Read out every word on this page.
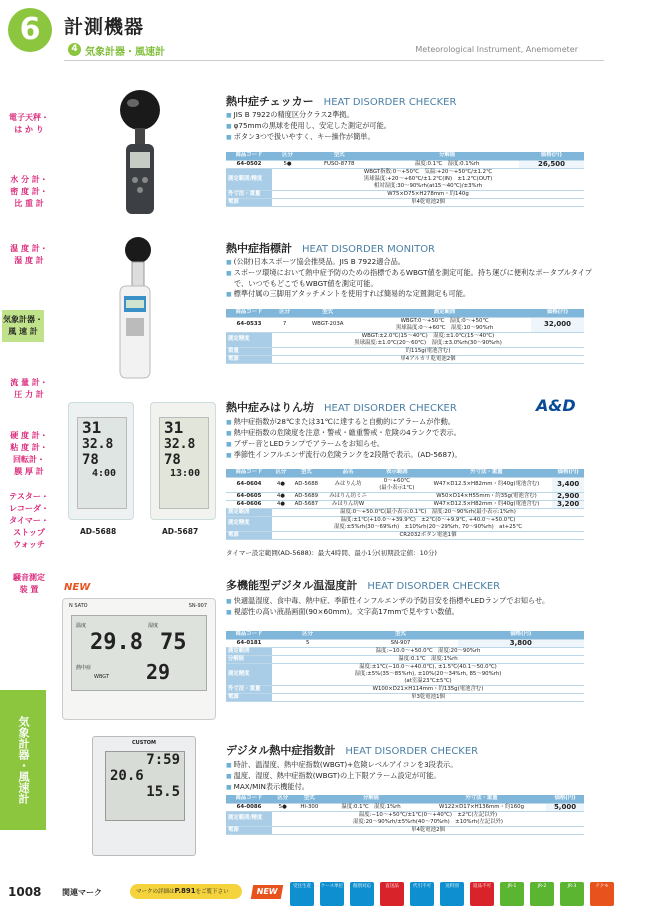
6	計測機器
4 気象計器・風速計	Meteorological Instrument, Anemometer
電子天秤・
は か り
水 分 計・
密 度 計・
比 重 計
温 度 計・
湿 度 計
気象計器・
風 速 計
流 量 計・
圧 力 計
硬 度 計・
粘 度 計・
回転計・
膜 厚 計
テスター・
レコーダ・
タイマー・
ストップ
ウォッチ
騒音測定
装 置
気象計器・風速計
31
32.8
78
4:00
31
32.8
78
13:00
AD-5688	AD-5687
NEW
N SATO	SN-907
温度	湿度
29.8 75
熱中症
WBGT 29
CUSTOM
7:59
20.6
15.5
熱中症チェッカー HEAT DISORDER CHECKER
■ JIS B 7922の精度区分クラス2準拠。
■ φ75mmの黒球を使用し、安定した測定が可能。
■ ボタン3つで扱いやすく、キー操作が簡単。
商品コード	区分	型式	分解能	価格(円)
64-0502	5●	FUSO-8778	温度:0.1℃　湿度:0.1%rh	26,500
測定範囲/精度	WBGT指数:0〜+50℃　気温:+20〜+50℃/±1.2℃
黒球温度:+20〜+60℃/±1.2℃(IN)　±1.2℃(OUT)
相対湿度:30〜90%rh(at15〜40℃)/±3%rh			
外寸法・重量	W75×D75×H278mm・約140g			
電源	単4乾電池2個			
熱中症指標計 HEAT DISORDER MONITOR
■ (公財)日本スポーツ協会推奨品。JIS B 7922適合品。
■ スポーツ環境において熱中症予防のための指標であるWBGT値を測定可能。持ち運びに便利なポータブルタイプで、いつでもどこでもWBGT値を測定可能。
■ 標準付属の三脚用アタッチメントを使用すれば簡易的な定置測定も可能。
商品コード	区分	型式	測定範囲	価格(円)
64-0533	7	WBGT-203A	WBGT:0〜+50℃　湿度:0〜+50℃
黒球温度:0〜+60℃　湿度:10〜90%rh	32,000
測定精度	WBGT:±2.0℃(15〜40℃)　湿度:±1.0℃(15〜40℃)
黒球温度:±1.0℃(20〜60℃)　湿度:±3.0%rh(30〜90%rh)			
重量	約115g(電池含む)			
電源	単4アルカリ乾電池2個			
熱中症みはりん坊 HEAT DISORDER CHECKER	A&D
■ 熱中症指数が28℃または31℃に達すると自動的にアラームが作動。
■ 熱中症指数の危険度を注意・警戒・厳重警戒・危険の4ランクで表示。
■ ブザー音とLEDランプでアラームをお知らせ。
■ 季節性インフルエンザ流行の危険ランクを2段階で表示。(AD-5687)。
商品コード	区分	型式	品名	表示範囲	外寸法・重量	価格(円)
64-0604	4●	AD-5688	みはりん坊	0〜+60℃
(最小表示1℃)	W47×D12.5×H82mm・約40g(電池含む)	3,400
64-0605	4●	AD-5689	みはりん坊ミニ		W50×D14×H55mm・約35g(電池含む)	2,900
64-0606	4●	AD-5687	みはりん坊W		W47×D12.5×H82mm・約40g(電池含む)	3,200
測定範囲	温度:0〜+50.0℃(最小表示:0.1℃)　湿度:20〜90%rh(最小表示:1%rh)					
測定精度	温度:±1℃(+10.0〜+39.9℃)　±2℃(0〜+9.9℃, +40.0〜+50.0℃)
湿度:±5%rh(30〜69%rh)　±10%rh(20〜29%rh, 70〜90%rh)　at+25℃					
電源	CR2032ボタン電池1個					
タイマー設定範囲(AD-5688)：最大4時間、最小1分(初期設定値：10分)
多機能型デジタル温湿度計 HEAT DISORDER CHECKER
■ 快適温湿度、食中毒、熱中症、季節性インフルエンザの予防目安を指標やLEDランプでお知らせ。
■ 視認性の高い液晶画面(90×60mm)。文字高17mmで見やすい数値。
商品コード	区分	型式	価格(円)
64-0181	5	SN-907	3,800
測定範囲	温度:−10.0〜+50.0℃　湿度:20〜90%rh		
分解能	温度:0.1℃　湿度:1%rh		
測定精度	温度:±1℃(−10.0〜+40.0℃), ±1.5℃(40.1〜50.0℃)
湿度:±5%(35〜85%rh), ±10%(20〜34%rh, 85〜90%rh)
(at室温23℃±5℃)		
外寸法・重量	W100×D21×H114mm・約135g(電池含む)		
電源	単3乾電池1個		
デジタル熱中症指数計 HEAT DISORDER CHECKER
■ 時計、温湿度、熱中症指数(WBGT)+危険レベルアイコンを3段表示。
■ 温度、湿度、熱中症指数(WBGT)の上下限アラーム設定が可能。
■ MAX/MIN表示機能付。
商品コード	区分	型式	分解能	外寸法・重量	価格(円)
64-0086	5●	HI-300	温度:0.1℃　湿度:1%rh	W122×D17×H136mm・約160g	5,000
測定範囲/精度	温度:−10〜+50℃/±1℃(0〜+40℃)　±2℃(左記以外)
湿度:20〜90%rh/±5%rh(40〜70%rh)　±10%rh(左記以外)				
電源	単4乾電池2個				
1008	関連マーク	マークの詳細はP.891をご覧下さい	NEW
受注生産	ケース単位	個別対応	直送品	代引不可	送料別	返品不可	JR-1	JR-2	JR-3	テクモ
